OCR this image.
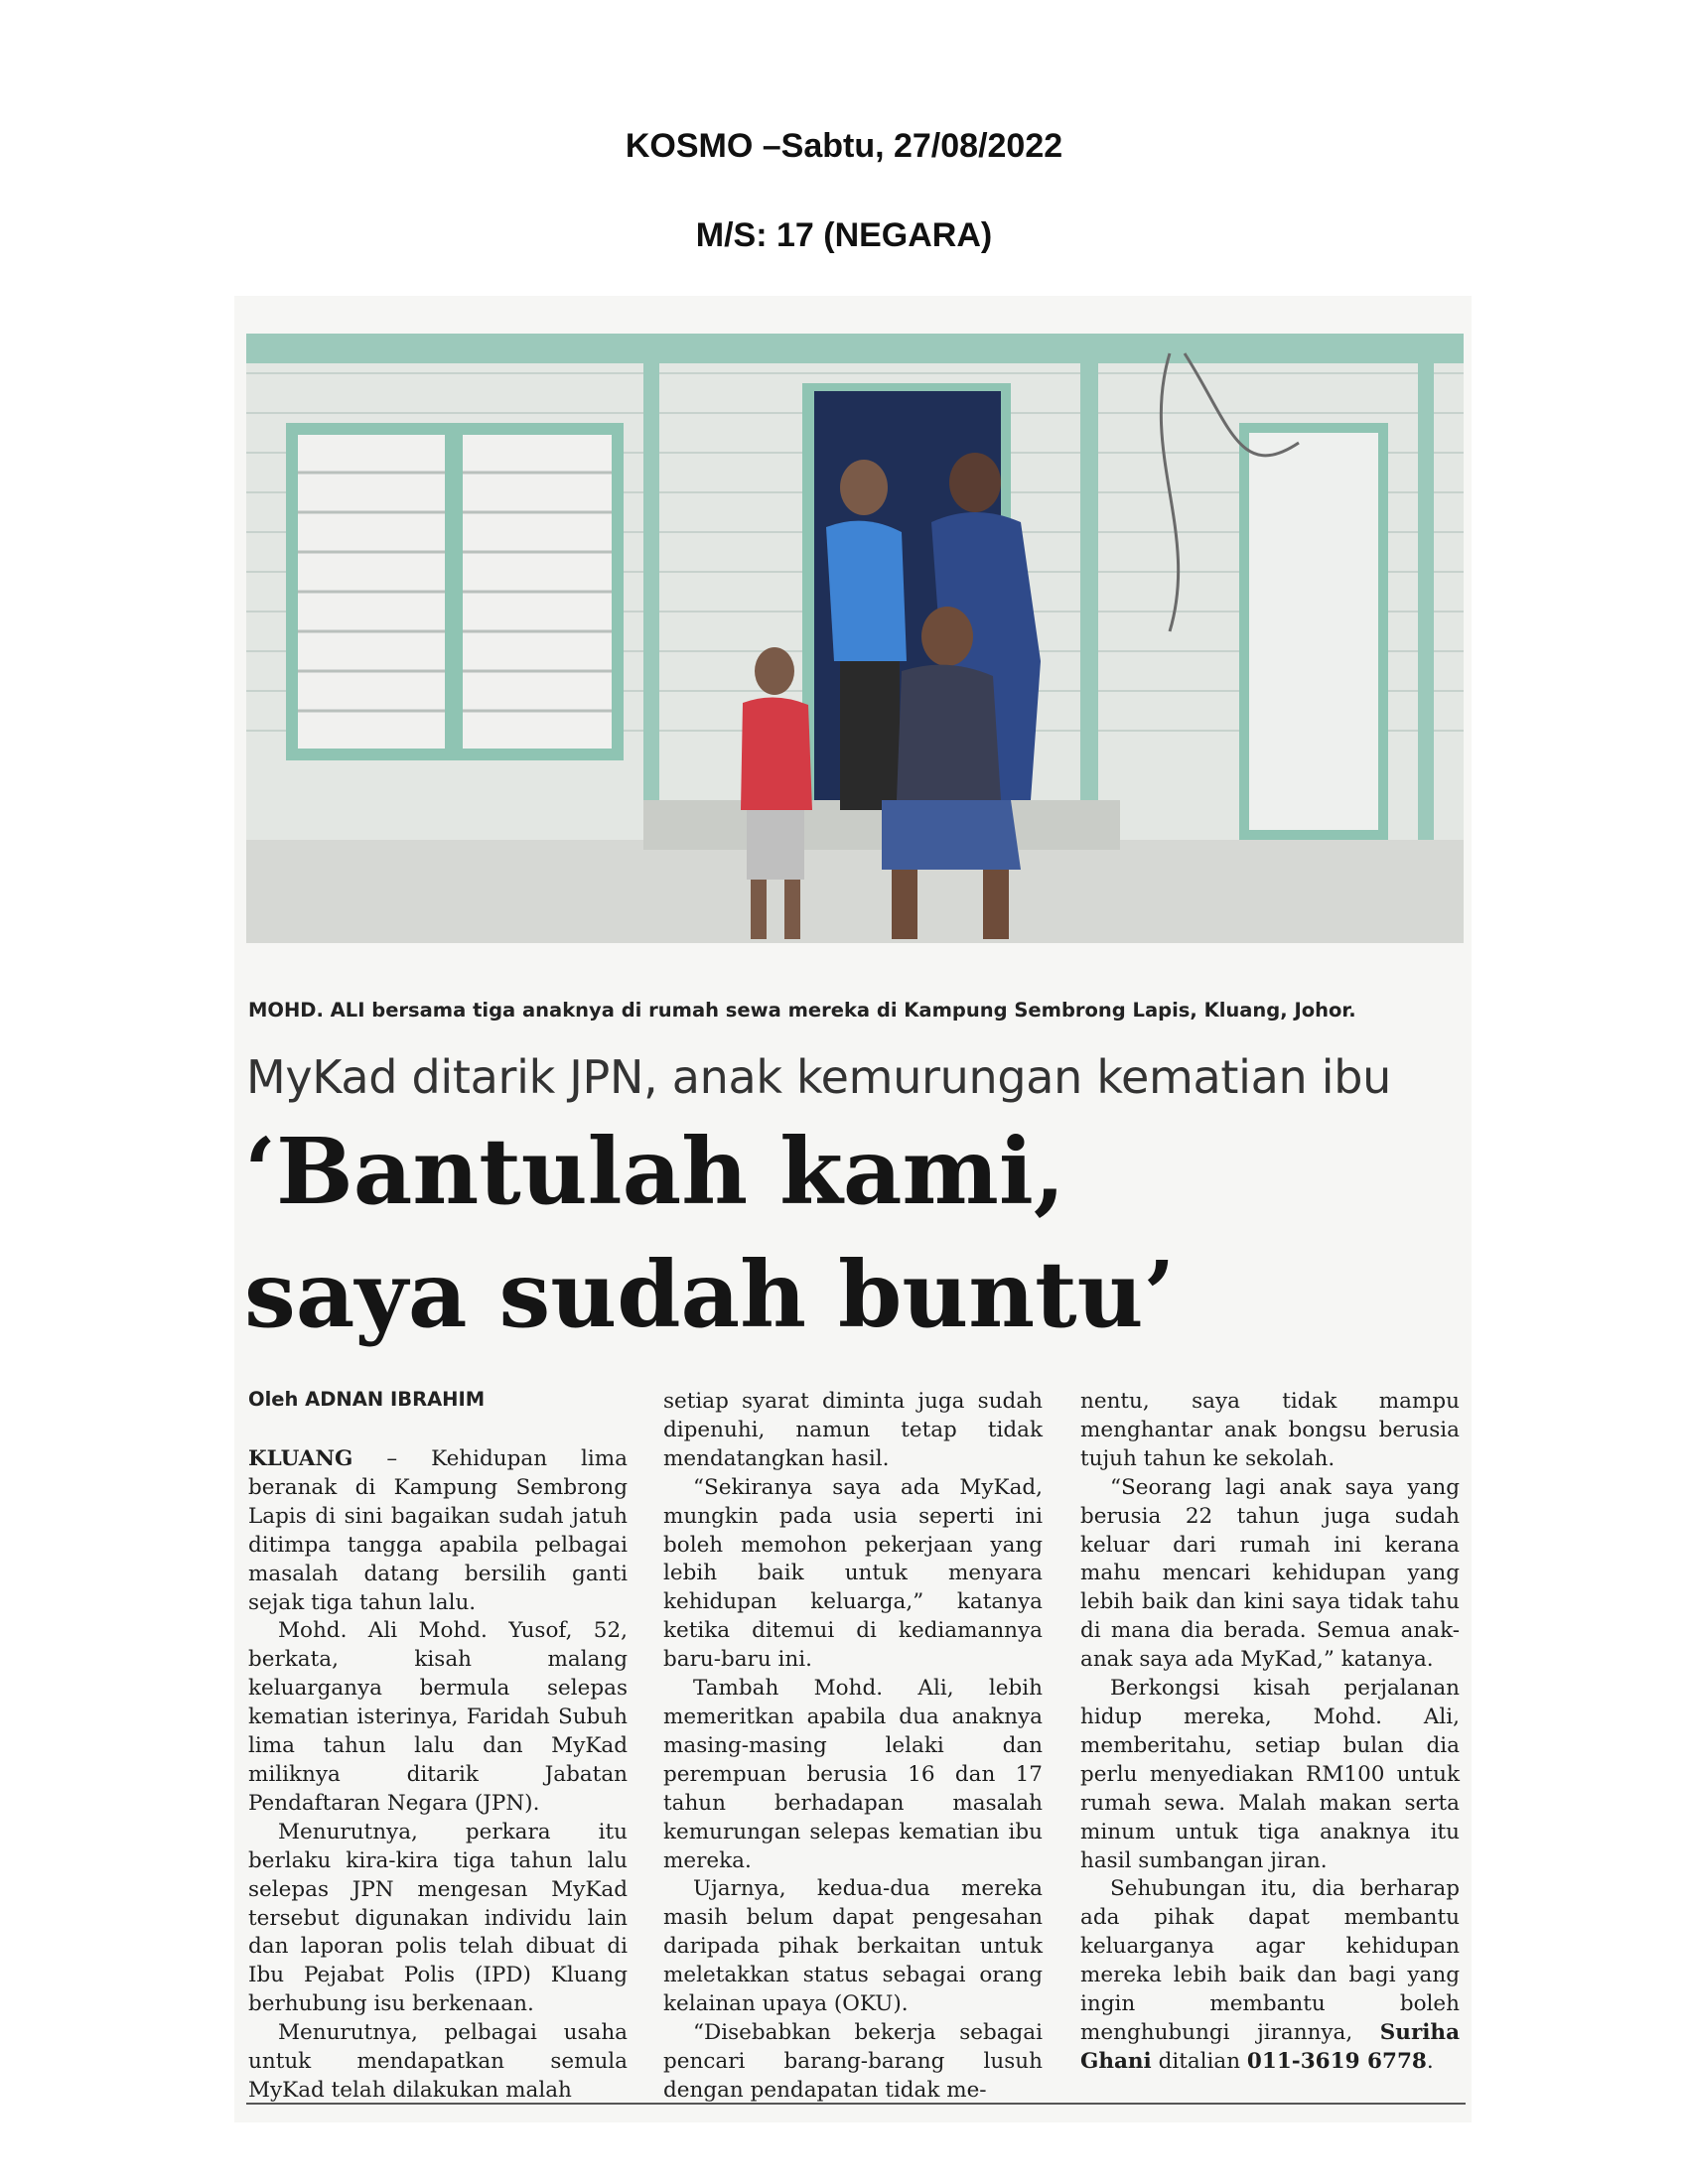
KOSMO –Sabtu, 27/08/2022
M/S: 17 (NEGARA)
MOHD. ALI bersama tiga anaknya di rumah sewa mereka di Kampung Sembrong Lapis, Kluang, Johor.
MyKad ditarik JPN, anak kemurungan kematian ibu
‘Bantulah kami,
saya sudah buntu’
Oleh ADNAN IBRAHIM

KLUANG – Kehidupan lima beranak di Kampung Sembrong Lapis di sini bagaikan sudah jatuh ditimpa tangga apabila pelbagai masalah datang bersilih ganti sejak tiga tahun lalu.

Mohd. Ali Mohd. Yusof, 52, berkata, kisah malang keluarganya bermula selepas kematian isterinya, Faridah Subuh lima tahun lalu dan MyKad miliknya ditarik Jabatan Pendaftaran Negara (JPN).

Menurutnya, perkara itu berlaku kira-kira tiga tahun lalu selepas JPN mengesan MyKad tersebut digunakan individu lain dan laporan polis telah dibuat di Ibu Pejabat Polis (IPD) Kluang berhubung isu berkenaan.

Menurutnya, pelbagai usaha untuk mendapatkan semula MyKad telah dilakukan malah

setiap syarat diminta juga sudah dipenuhi, namun tetap tidak mendatangkan hasil.

“Sekiranya saya ada MyKad, mungkin pada usia seperti ini boleh memohon pekerjaan yang lebih baik untuk menyara kehidupan keluarga,” katanya ketika ditemui di kediamannya baru-baru ini.

Tambah Mohd. Ali, lebih memeritkan apabila dua anaknya masing-masing lelaki dan perempuan berusia 16 dan 17 tahun berhadapan masalah kemurungan selepas kematian ibu mereka.

Ujarnya, kedua-dua mereka masih belum dapat pengesahan daripada pihak berkaitan untuk meletakkan status sebagai orang kelainan upaya (OKU).

“Disebabkan bekerja sebagai pencari barang-barang lusuh dengan pendapatan tidak me-

nentu, saya tidak mampu menghantar anak bongsu berusia tujuh tahun ke sekolah.

“Seorang lagi anak saya yang berusia 22 tahun juga sudah keluar dari rumah ini kerana mahu mencari kehidupan yang lebih baik dan kini saya tidak tahu di mana dia berada. Semua anak-anak saya ada MyKad,” katanya.

Berkongsi kisah perjalanan hidup mereka, Mohd. Ali, memberitahu, setiap bulan dia perlu menyediakan RM100 untuk rumah sewa. Malah makan serta minum untuk tiga anaknya itu hasil sumbangan jiran.

Sehubungan itu, dia berharap ada pihak dapat membantu keluarganya agar kehidupan mereka lebih baik dan bagi yang ingin membantu boleh menghubungi jirannya, Suriha Ghani ditalian 011-3619 6778.
